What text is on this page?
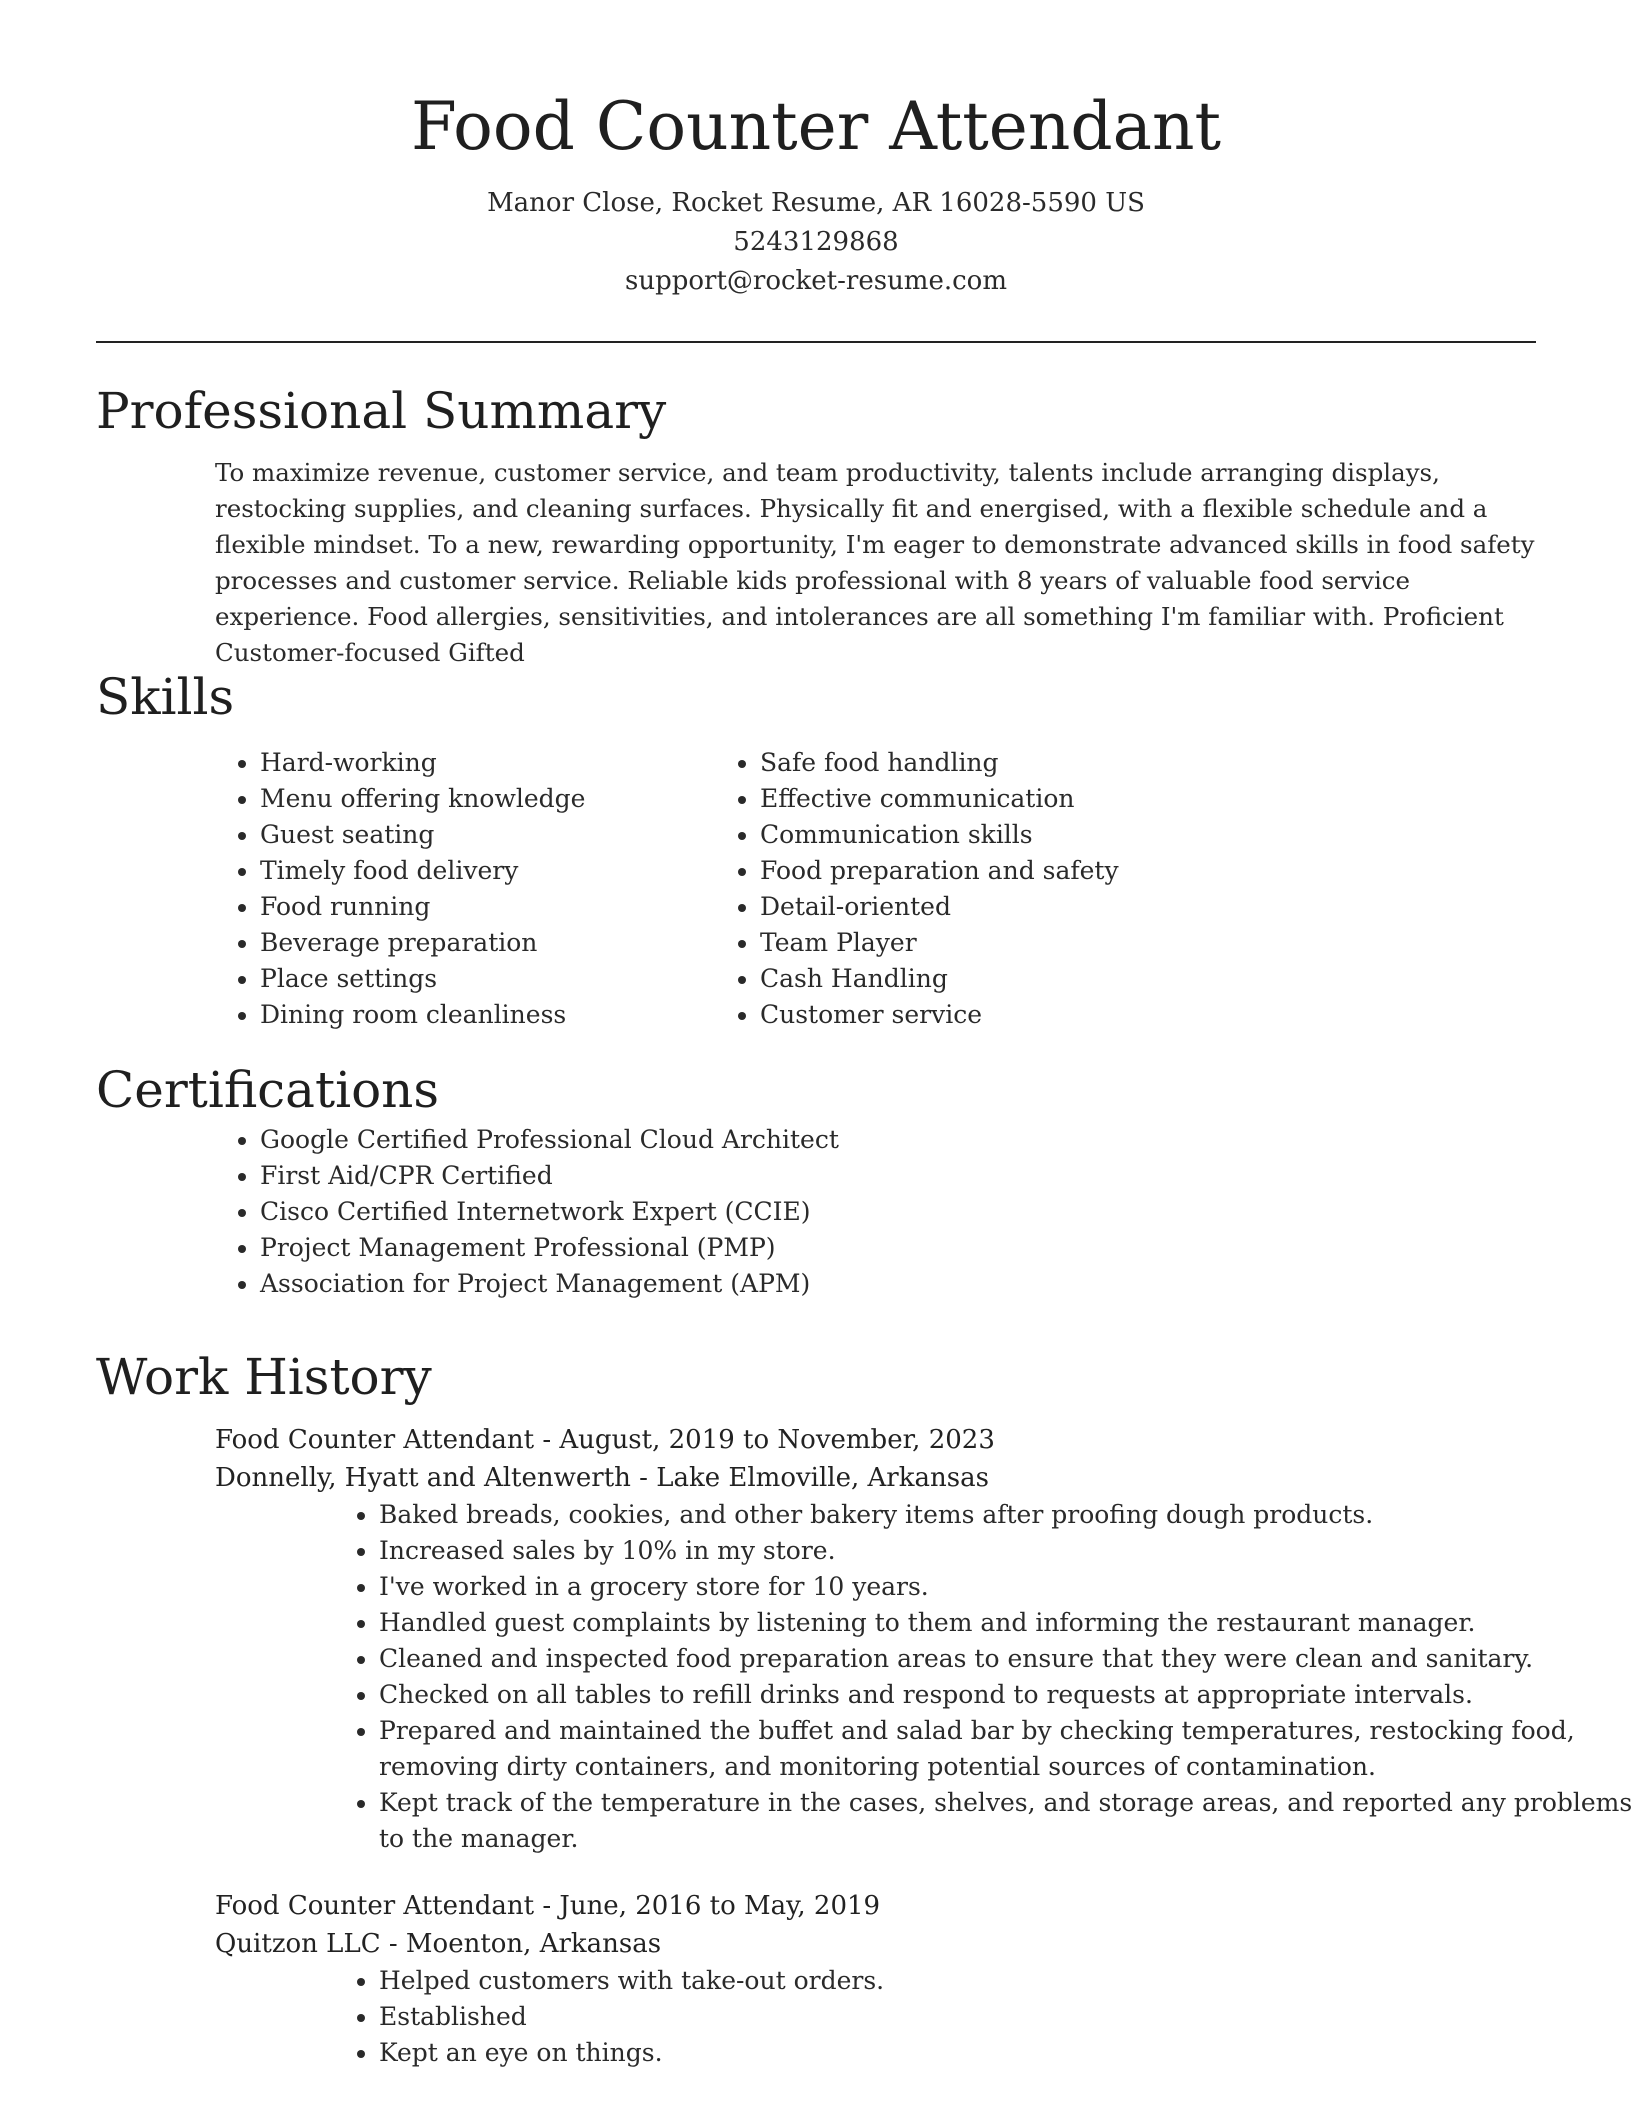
Food Counter Attendant
Manor Close, Rocket Resume, AR 16028-5590 US
5243129868
support@rocket-resume.com
Professional Summary
To maximize revenue, customer service, and team productivity, talents include arranging displays, restocking supplies, and cleaning surfaces. Physically fit and energised, with a flexible schedule and a flexible mindset. To a new, rewarding opportunity, I'm eager to demonstrate advanced skills in food safety processes and customer service. Reliable kids professional with 8 years of valuable food service experience. Food allergies, sensitivities, and intolerances are all something I'm familiar with. Proficient Customer-focused Gifted
Skills
• Hard-working
• Menu offering knowledge
• Guest seating
• Timely food delivery
• Food running
• Beverage preparation
• Place settings
• Dining room cleanliness
• Safe food handling
• Effective communication
• Communication skills
• Food preparation and safety
• Detail-oriented
• Team Player
• Cash Handling
• Customer service
Certifications
• Google Certified Professional Cloud Architect
• First Aid/CPR Certified
• Cisco Certified Internetwork Expert (CCIE)
• Project Management Professional (PMP)
• Association for Project Management (APM)
Work History
Food Counter Attendant - August, 2019 to November, 2023
Donnelly, Hyatt and Altenwerth - Lake Elmoville, Arkansas
• Baked breads, cookies, and other bakery items after proofing dough products.
• Increased sales by 10% in my store.
• I've worked in a grocery store for 10 years.
• Handled guest complaints by listening to them and informing the restaurant manager.
• Cleaned and inspected food preparation areas to ensure that they were clean and sanitary.
• Checked on all tables to refill drinks and respond to requests at appropriate intervals.
• Prepared and maintained the buffet and salad bar by checking temperatures, restocking food, removing dirty containers, and monitoring potential sources of contamination.
• Kept track of the temperature in the cases, shelves, and storage areas, and reported any problems to the manager.
Food Counter Attendant - June, 2016 to May, 2019
Quitzon LLC - Moenton, Arkansas
• Helped customers with take-out orders.
• Established
• Kept an eye on things.
